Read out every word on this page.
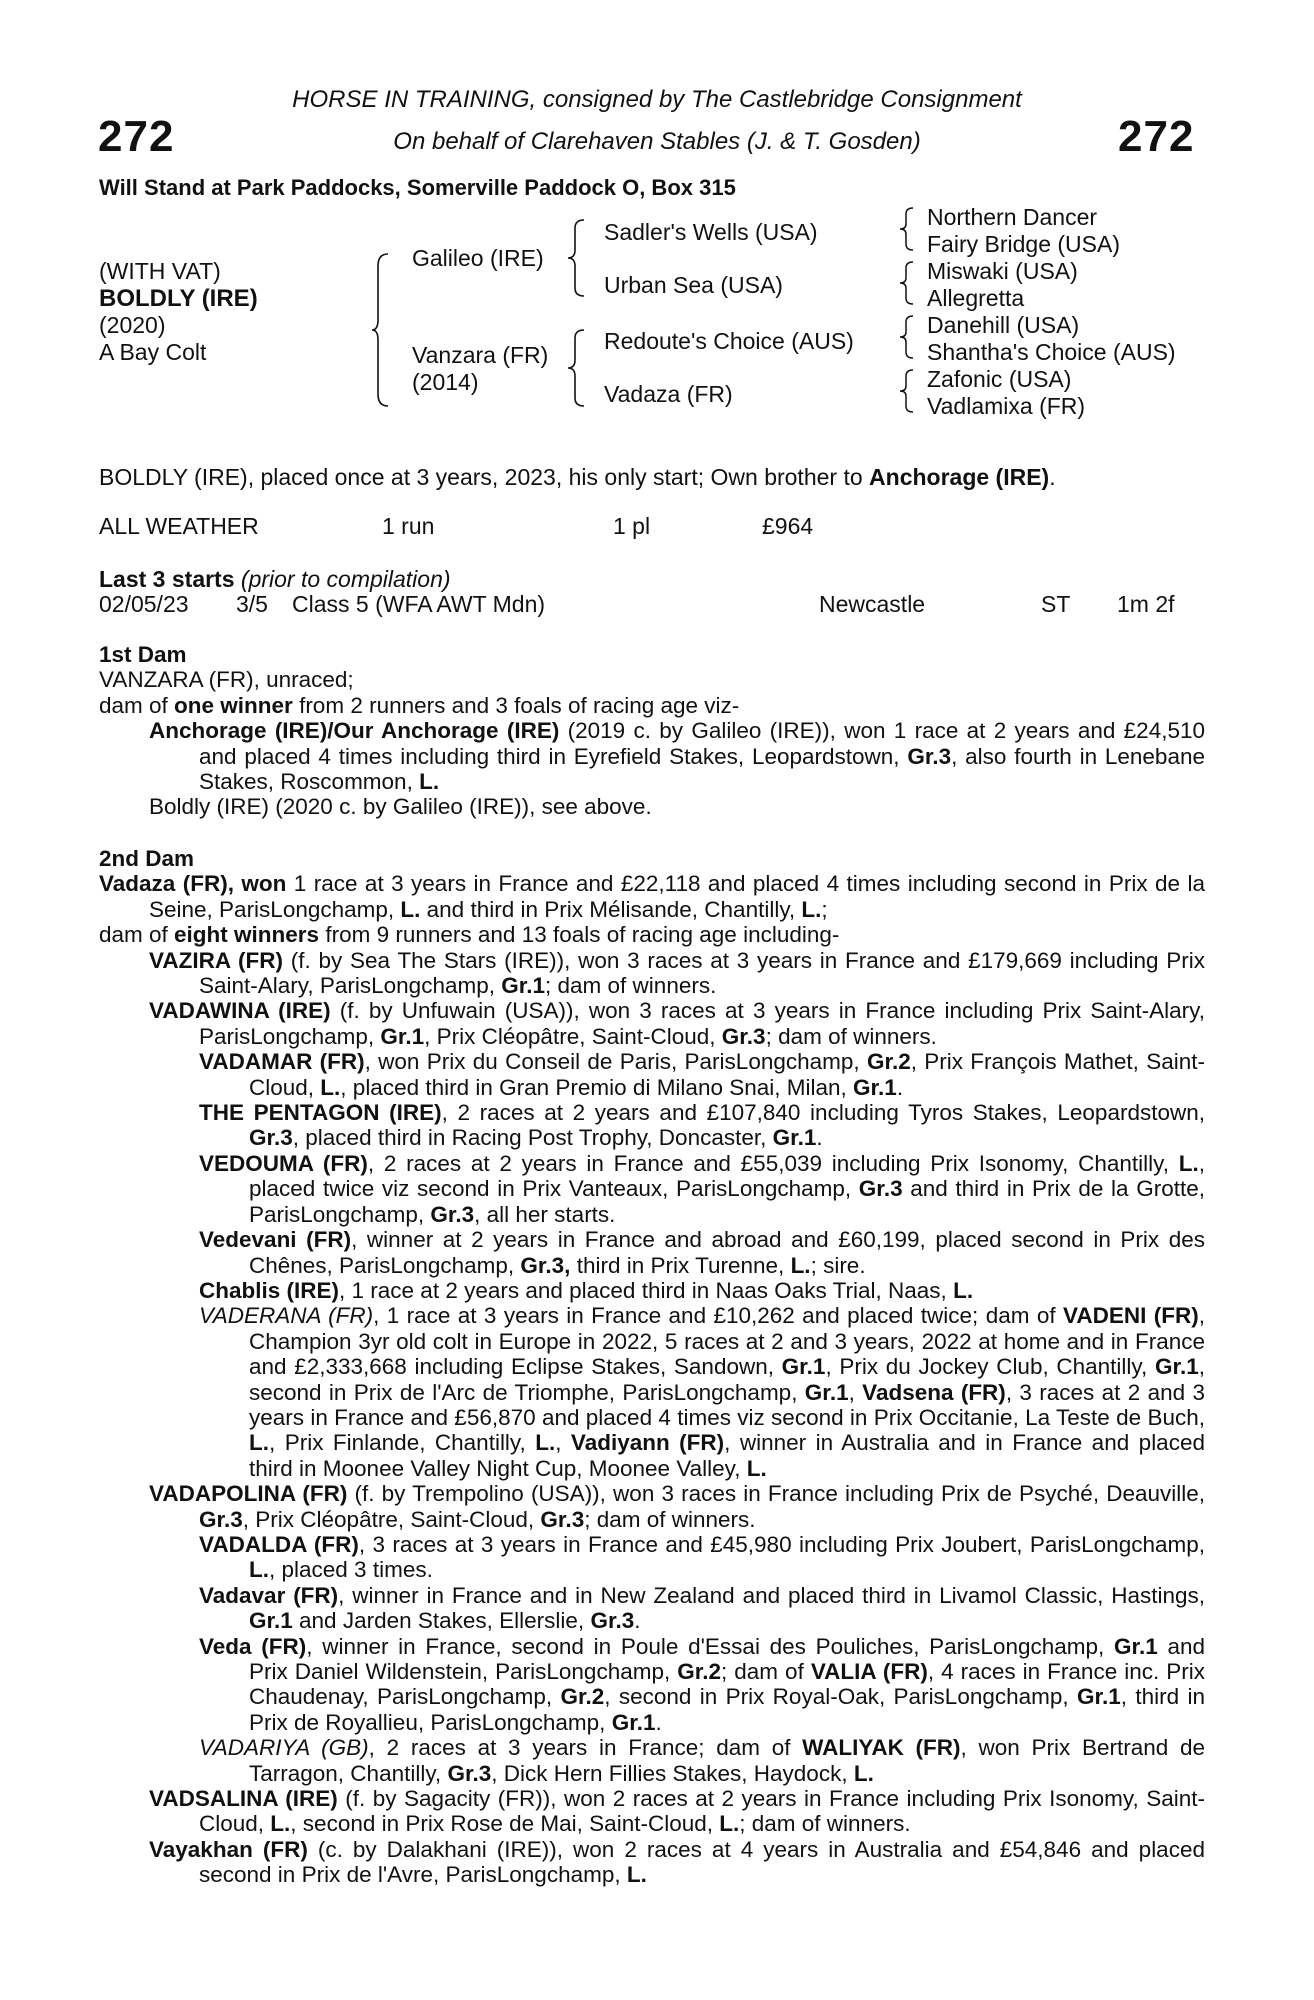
272	272
HORSE IN TRAINING, consigned by The Castlebridge Consignment
On behalf of Clarehaven Stables (J. & T. Gosden)
Will Stand at Park Paddocks, Somerville Paddock O, Box 315
(WITH VAT)
BOLDLY (IRE)
(2020)
A Bay Colt
Galileo (IRE)
Vanzara (FR)
(2014)
Sadler's Wells (USA)
Urban Sea (USA)
Redoute's Choice (AUS)
Vadaza (FR)
Northern Dancer
Fairy Bridge (USA)
Miswaki (USA)
Allegretta
Danehill (USA)
Shantha's Choice (AUS)
Zafonic (USA)
Vadlamixa (FR)
BOLDLY (IRE), placed once at 3 years, 2023, his only start; Own brother to Anchorage (IRE).
ALL WEATHER	1 run	1 pl	£964
Last 3 starts (prior to compilation)
02/05/23 3/5 Class 5 (WFA AWT Mdn)	Newcastle	ST 1m 2f
1st Dam
VANZARA (FR), unraced;
dam of one winner from 2 runners and 3 foals of racing age viz-
Anchorage (IRE)/Our Anchorage (IRE) (2019 c. by Galileo (IRE)), won 1 race at 2 years and £24,510 and placed 4 times including third in Eyrefield Stakes, Leopardstown, Gr.3, also fourth in Lenebane Stakes, Roscommon, L.
Boldly (IRE) (2020 c. by Galileo (IRE)), see above.
2nd Dam
Vadaza (FR), won 1 race at 3 years in France and £22,118 and placed 4 times including second in Prix de la Seine, ParisLongchamp, L. and third in Prix Mélisande, Chantilly, L.;
dam of eight winners from 9 runners and 13 foals of racing age including-
VAZIRA (FR) (f. by Sea The Stars (IRE)), won 3 races at 3 years in France and £179,669 including Prix Saint-Alary, ParisLongchamp, Gr.1; dam of winners.
VADAWINA (IRE) (f. by Unfuwain (USA)), won 3 races at 3 years in France including Prix Saint-Alary, ParisLongchamp, Gr.1, Prix Cléopâtre, Saint-Cloud, Gr.3; dam of winners.
VADAMAR (FR), won Prix du Conseil de Paris, ParisLongchamp, Gr.2, Prix François Mathet, Saint-Cloud, L., placed third in Gran Premio di Milano Snai, Milan, Gr.1.
THE PENTAGON (IRE), 2 races at 2 years and £107,840 including Tyros Stakes, Leopardstown, Gr.3, placed third in Racing Post Trophy, Doncaster, Gr.1.
VEDOUMA (FR), 2 races at 2 years in France and £55,039 including Prix Isonomy, Chantilly, L., placed twice viz second in Prix Vanteaux, ParisLongchamp, Gr.3 and third in Prix de la Grotte, ParisLongchamp, Gr.3, all her starts.
Vedevani (FR), winner at 2 years in France and abroad and £60,199, placed second in Prix des Chênes, ParisLongchamp, Gr.3, third in Prix Turenne, L.; sire.
Chablis (IRE), 1 race at 2 years and placed third in Naas Oaks Trial, Naas, L.
VADERANA (FR), 1 race at 3 years in France and £10,262 and placed twice; dam of VADENI (FR), Champion 3yr old colt in Europe in 2022, 5 races at 2 and 3 years, 2022 at home and in France and £2,333,668 including Eclipse Stakes, Sandown, Gr.1, Prix du Jockey Club, Chantilly, Gr.1, second in Prix de l'Arc de Triomphe, ParisLongchamp, Gr.1, Vadsena (FR), 3 races at 2 and 3 years in France and £56,870 and placed 4 times viz second in Prix Occitanie, La Teste de Buch, L., Prix Finlande, Chantilly, L., Vadiyann (FR), winner in Australia and in France and placed third in Moonee Valley Night Cup, Moonee Valley, L.
VADAPOLINA (FR) (f. by Trempolino (USA)), won 3 races in France including Prix de Psyché, Deauville, Gr.3, Prix Cléopâtre, Saint-Cloud, Gr.3; dam of winners.
VADALDA (FR), 3 races at 3 years in France and £45,980 including Prix Joubert, ParisLongchamp, L., placed 3 times.
Vadavar (FR), winner in France and in New Zealand and placed third in Livamol Classic, Hastings, Gr.1 and Jarden Stakes, Ellerslie, Gr.3.
Veda (FR), winner in France, second in Poule d'Essai des Pouliches, ParisLongchamp, Gr.1 and Prix Daniel Wildenstein, ParisLongchamp, Gr.2; dam of VALIA (FR), 4 races in France inc. Prix Chaudenay, ParisLongchamp, Gr.2, second in Prix Royal-Oak, ParisLongchamp, Gr.1, third in Prix de Royallieu, ParisLongchamp, Gr.1.
VADARIYA (GB), 2 races at 3 years in France; dam of WALIYAK (FR), won Prix Bertrand de Tarragon, Chantilly, Gr.3, Dick Hern Fillies Stakes, Haydock, L.
VADSALINA (IRE) (f. by Sagacity (FR)), won 2 races at 2 years in France including Prix Isonomy, Saint-Cloud, L., second in Prix Rose de Mai, Saint-Cloud, L.; dam of winners.
Vayakhan (FR) (c. by Dalakhani (IRE)), won 2 races at 4 years in Australia and £54,846 and placed second in Prix de l'Avre, ParisLongchamp, L.
